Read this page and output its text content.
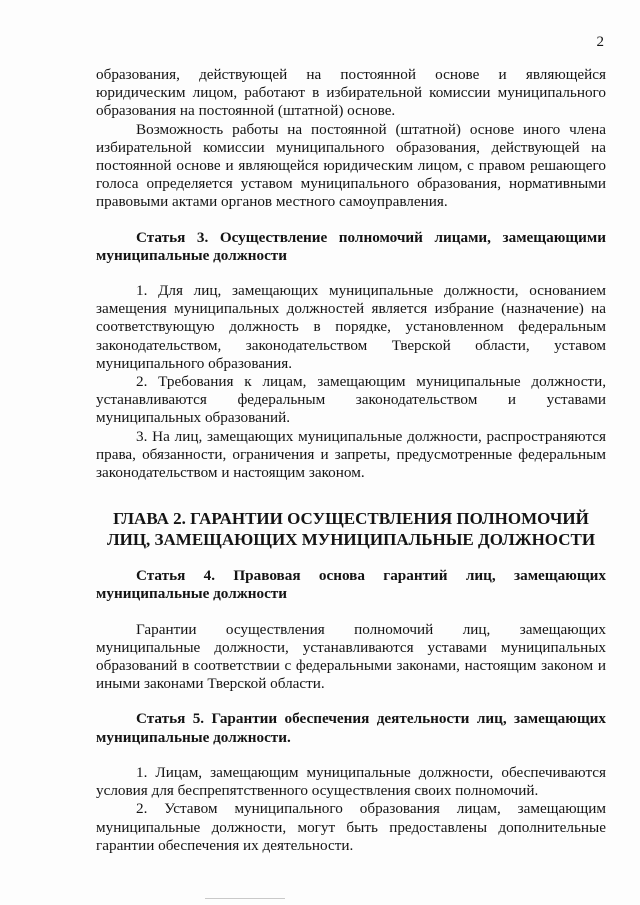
2

образования, действующей на постоянной основе и являющейся юридическим лицом, работают в избирательной комиссии муниципального образования на постоянной (штатной) основе.

Возможность работы на постоянной (штатной) основе иного члена избирательной комиссии муниципального образования, действующей на постоянной основе и являющейся юридическим лицом, с правом решающего голоса определяется уставом муниципального образования, нормативными правовыми актами органов местного самоуправления.

Статья 3. Осуществление полномочий лицами, замещающими муниципальные должности

1. Для лиц, замещающих муниципальные должности, основанием замещения муниципальных должностей является избрание (назначение) на соответствующую должность в порядке, установленном федеральным законодательством, законодательством Тверской области, уставом муниципального образования.

2. Требования к лицам, замещающим муниципальные должности, устанавливаются федеральным законодательством и уставами муниципальных образований.

3. На лиц, замещающих муниципальные должности, распространяются права, обязанности, ограничения и запреты, предусмотренные федеральным законодательством и настоящим законом.

ГЛАВА 2. ГАРАНТИИ ОСУЩЕСТВЛЕНИЯ ПОЛНОМОЧИЙ ЛИЦ, ЗАМЕЩАЮЩИХ МУНИЦИПАЛЬНЫЕ ДОЛЖНОСТИ

Статья 4. Правовая основа гарантий лиц, замещающих муниципальные должности

Гарантии осуществления полномочий лиц, замещающих муниципальные должности, устанавливаются уставами муниципальных образований в соответствии с федеральными законами, настоящим законом и иными законами Тверской области.

Статья 5. Гарантии обеспечения деятельности лиц, замещающих муниципальные должности.

1. Лицам, замещающим муниципальные должности, обеспечиваются условия для беспрепятственного осуществления своих полномочий.

2. Уставом муниципального образования лицам, замещающим муниципальные должности, могут быть предоставлены дополнительные гарантии обеспечения их деятельности.
